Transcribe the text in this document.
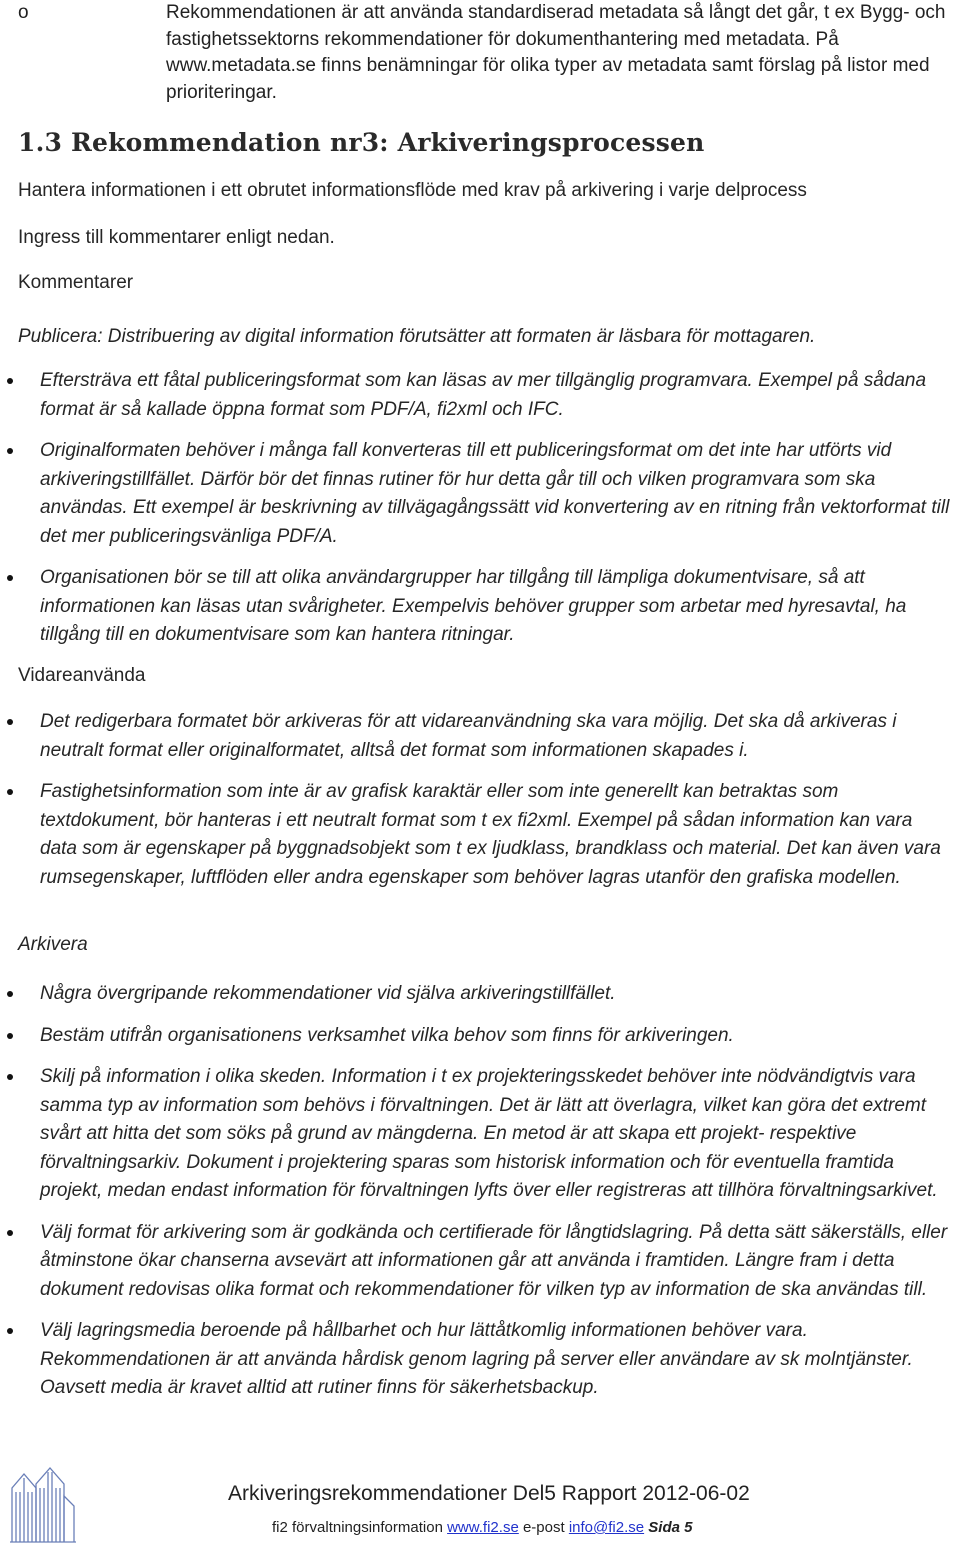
o	Rekommendationen är att använda standardiserad metadata så långt det går, t ex Bygg- och fastighetssektorns rekommendationer för dokumenthantering med metadata. På www.metadata.se finns benämningar för olika typer av metadata samt förslag på listor med prioriteringar.
1.3 Rekommendation nr3: Arkiveringsprocessen
Hantera informationen i ett obrutet informationsflöde med krav på arkivering i varje delprocess
Ingress till kommentarer enligt nedan.
Kommentarer
Publicera: Distribuering av digital information förutsätter att formaten är läsbara för mottagaren.
Eftersträva ett fåtal publiceringsformat som kan läsas av mer tillgänglig programvara. Exempel på sådana format är så kallade öppna format som PDF/A, fi2xml och IFC.
Originalformaten behöver i många fall konverteras till ett publiceringsformat om det inte har utförts vid arkiveringstillfället. Därför bör det finnas rutiner för hur detta går till och vilken programvara som ska användas. Ett exempel är beskrivning av tillvägagångssätt vid konvertering av en ritning från vektorformat till det mer publiceringsvänliga PDF/A.
Organisationen bör se till att olika användargrupper har tillgång till lämpliga dokumentvisare, så att informationen kan läsas utan svårigheter. Exempelvis behöver grupper som arbetar med hyresavtal, ha tillgång till en dokumentvisare som kan hantera ritningar.
Vidareanvända
Det redigerbara formatet bör arkiveras för att vidareanvändning ska vara möjlig. Det ska då arkiveras i neutralt format eller originalformatet, alltså det format som informationen skapades i.
Fastighetsinformation som inte är av grafisk karaktär eller som inte generellt kan betraktas som textdokument, bör hanteras i ett neutralt format som t ex fi2xml. Exempel på sådan information kan vara data som är egenskaper på byggnadsobjekt som t ex ljudklass, brandklass och material. Det kan även vara rumsegenskaper, luftflöden eller andra egenskaper som behöver lagras utanför den grafiska modellen.
Arkivera
Några övergripande rekommendationer vid själva arkiveringstillfället.
Bestäm utifrån organisationens verksamhet vilka behov som finns för arkiveringen.
Skilj på information i olika skeden. Information i t ex projekteringsskedet behöver inte nödvändigtvis vara samma typ av information som behövs i förvaltningen. Det är lätt att överlagra, vilket kan göra det extremt svårt att hitta det som söks på grund av mängderna. En metod är att skapa ett projekt- respektive förvaltningsarkiv. Dokument i projektering sparas som historisk information och för eventuella framtida projekt, medan endast information för förvaltningen lyfts över eller registreras att tillhöra förvaltningsarkivet.
Välj format för arkivering som är godkända och certifierade för långtidslagring. På detta sätt säkerställs, eller åtminstone ökar chanserna avsevärt att informationen går att använda i framtiden. Längre fram i detta dokument redovisas olika format och rekommendationer för vilken typ av information de ska användas till.
Välj lagringsmedia beroende på hållbarhet och hur lättåtkomlig informationen behöver vara. Rekommendationen är att använda hårdisk genom lagring på server eller användare av sk molntjänster. Oavsett media är kravet alltid att rutiner finns för säkerhetsbackup.
Arkiveringsrekommendationer Del5 Rapport 2012-06-02
fi2 förvaltningsinformation www.fi2.se e-post info@fi2.se Sida 5
